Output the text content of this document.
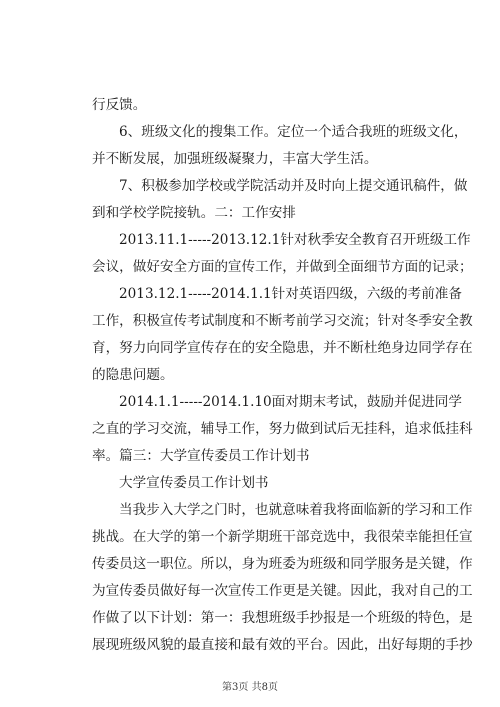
行反馈。
6、班级文化的搜集工作。定位一个适合我班的班级文化，
并不断发展，加强班级凝聚力，丰富大学生活。
7、积极参加学校或学院活动并及时向上提交通讯稿件，做
到和学校学院接轨。二：工作安排
2013.11.1-----2013.12.1针对秋季安全教育召开班级工作
会议，做好安全方面的宣传工作，并做到全面细节方面的记录；
2013.12.1-----2014.1.1针对英语四级，六级的考前准备
工作，积极宣传考试制度和不断考前学习交流；针对冬季安全教
育，努力向同学宣传存在的安全隐患，并不断杜绝身边同学存在
的隐患问题。
2014.1.1-----2014.1.10面对期末考试，鼓励并促进同学
之直的学习交流，辅导工作，努力做到试后无挂科，追求低挂科
率。篇三：大学宣传委员工作计划书
大学宣传委员工作计划书
当我步入大学之门时，也就意味着我将面临新的学习和工作
挑战。在大学的第一个新学期班干部竞选中，我很荣幸能担任宣
传委员这一职位。所以，身为班委为班级和同学服务是关键，作
为宣传委员做好每一次宣传工作更是关键。因此，我对自己的工
作做了以下计划：第一：我想班级手抄报是一个班级的特色，是
展现班级风貌的最直接和最有效的平台。因此，出好每期的手抄
第3页 共8页
